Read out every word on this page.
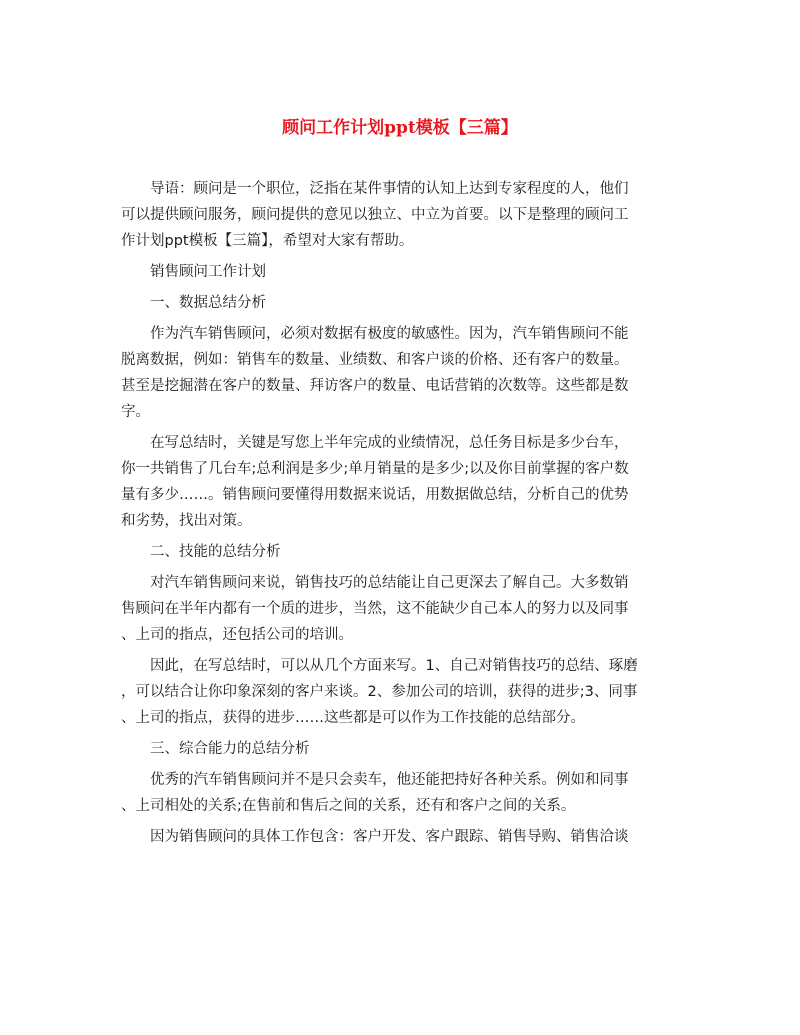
顾问工作计划ppt模板【三篇】

导语：顾问是一个职位，泛指在某件事情的认知上达到专家程度的人，他们
可以提供顾问服务，顾问提供的意见以独立、中立为首要。以下是整理的顾问工
作计划ppt模板【三篇】，希望对大家有帮助。

销售顾问工作计划

一、数据总结分析

作为汽车销售顾问，必须对数据有极度的敏感性。因为，汽车销售顾问不能
脱离数据，例如：销售车的数量、业绩数、和客户谈的价格、还有客户的数量。
甚至是挖掘潜在客户的数量、拜访客户的数量、电话营销的次数等。这些都是数
字。

在写总结时，关键是写您上半年完成的业绩情况，总任务目标是多少台车，
你一共销售了几台车;总利润是多少;单月销量的是多少;以及你目前掌握的客户数
量有多少……。销售顾问要懂得用数据来说话，用数据做总结，分析自己的优势
和劣势，找出对策。

二、技能的总结分析

对汽车销售顾问来说，销售技巧的总结能让自己更深去了解自己。大多数销
售顾问在半年内都有一个质的进步，当然，这不能缺少自己本人的努力以及同事
、上司的指点，还包括公司的培训。

因此，在写总结时，可以从几个方面来写。1、自己对销售技巧的总结、琢磨
，可以结合让你印象深刻的客户来谈。2、参加公司的培训，获得的进步;3、同事
、上司的指点，获得的进步……这些都是可以作为工作技能的总结部分。

三、综合能力的总结分析

优秀的汽车销售顾问并不是只会卖车，他还能把持好各种关系。例如和同事
、上司相处的关系;在售前和售后之间的关系，还有和客户之间的关系。

因为销售顾问的具体工作包含：客户开发、客户跟踪、销售导购、销售洽谈
